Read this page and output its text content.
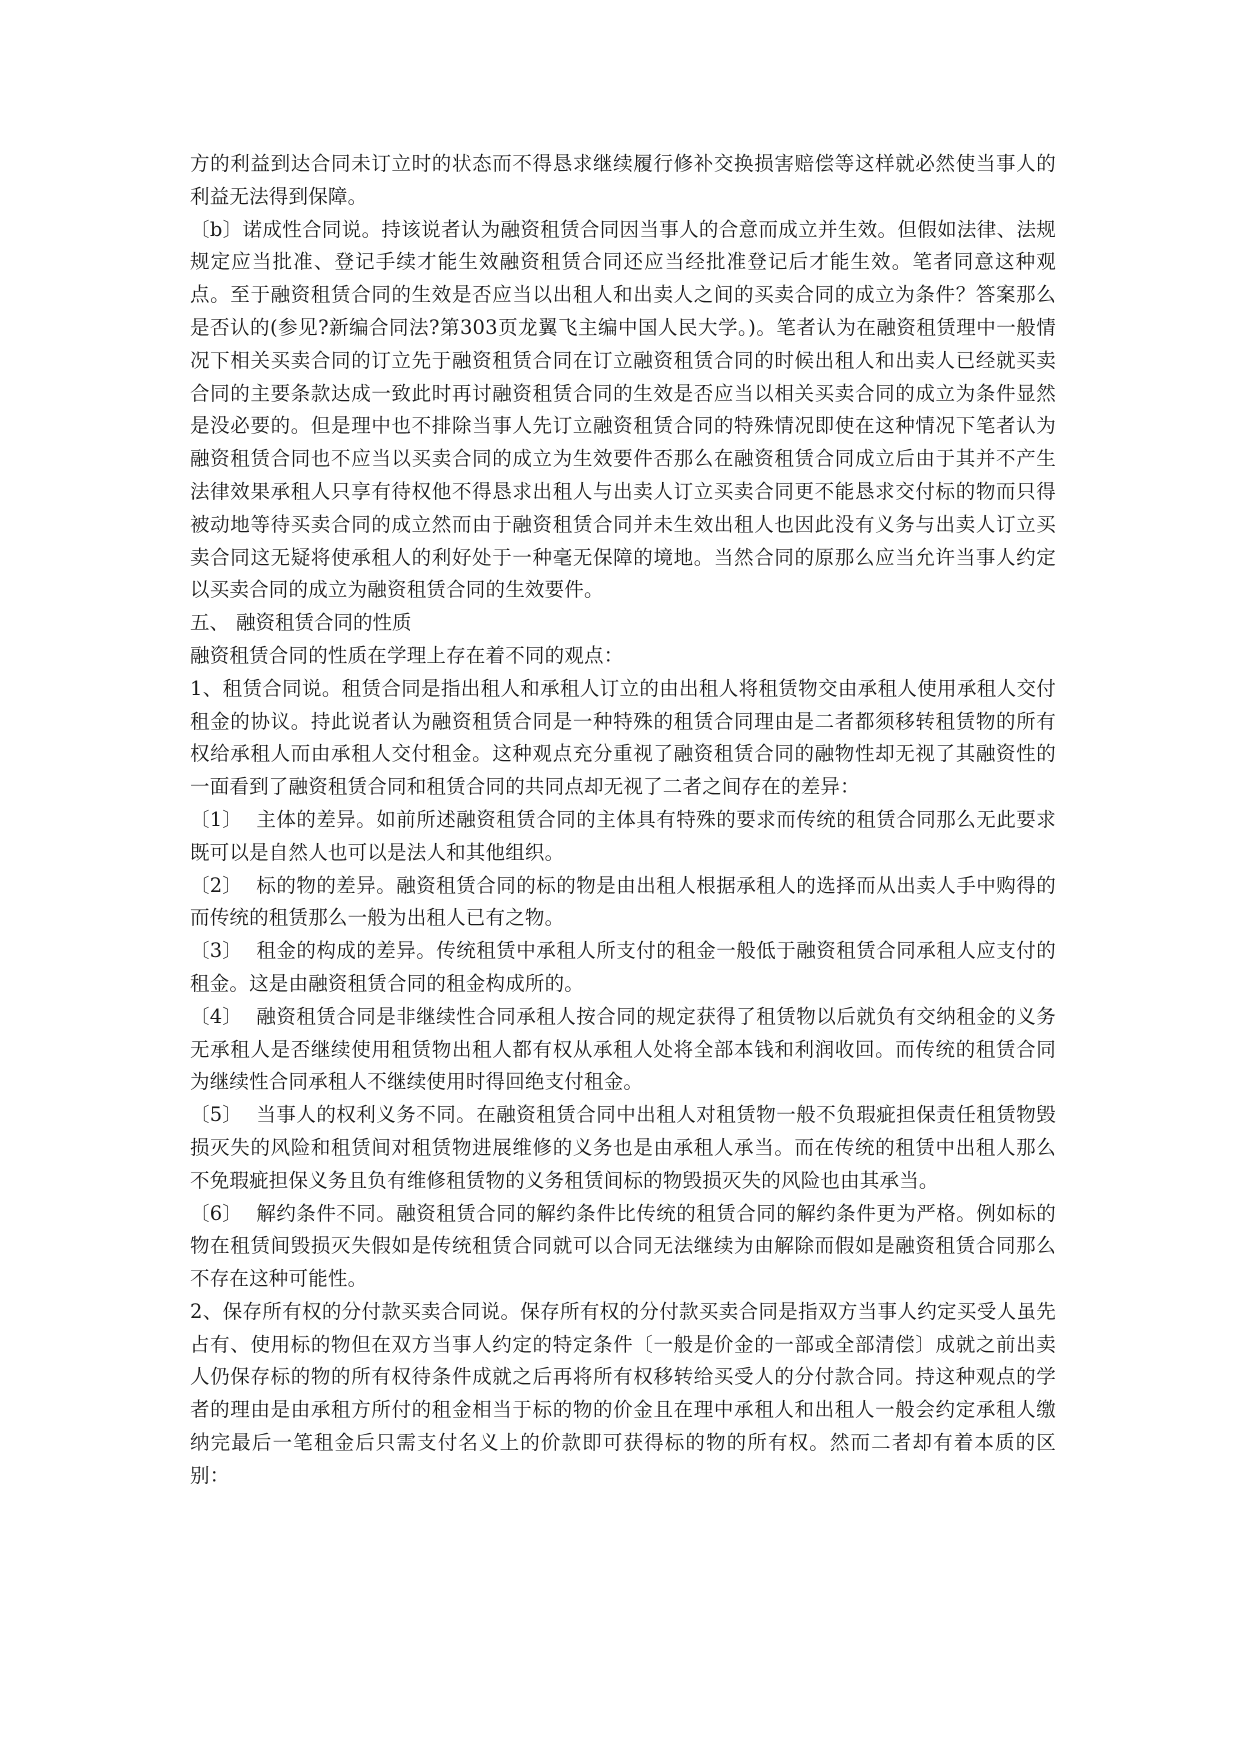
方的利益到达合同未订立时的状态而不得恳求继续履行修补交换损害赔偿等这样就必然使当事人的利益无法得到保障。

〔b〕诺成性合同说。持该说者认为融资租赁合同因当事人的合意而成立并生效。但假如法律、法规规定应当批准、登记手续才能生效融资租赁合同还应当经批准登记后才能生效。笔者同意这种观点。至于融资租赁合同的生效是否应当以出租人和出卖人之间的买卖合同的成立为条件？答案那么是否认的(参见?新编合同法?第303页龙翼飞主编中国人民大学。)。笔者认为在融资租赁理中一般情况下相关买卖合同的订立先于融资租赁合同在订立融资租赁合同的时候出租人和出卖人已经就买卖合同的主要条款达成一致此时再讨融资租赁合同的生效是否应当以相关买卖合同的成立为条件显然是没必要的。但是理中也不排除当事人先订立融资租赁合同的特殊情况即使在这种情况下笔者认为融资租赁合同也不应当以买卖合同的成立为生效要件否那么在融资租赁合同成立后由于其并不产生法律效果承租人只享有待权他不得恳求出租人与出卖人订立买卖合同更不能恳求交付标的物而只得被动地等待买卖合同的成立然而由于融资租赁合同并未生效出租人也因此没有义务与出卖人订立买卖合同这无疑将使承租人的利好处于一种毫无保障的境地。当然合同的原那么应当允许当事人约定以买卖合同的成立为融资租赁合同的生效要件。

五、 融资租赁合同的性质

融资租赁合同的性质在学理上存在着不同的观点：

1、租赁合同说。租赁合同是指出租人和承租人订立的由出租人将租赁物交由承租人使用承租人交付租金的协议。持此说者认为融资租赁合同是一种特殊的租赁合同理由是二者都须移转租赁物的所有权给承租人而由承租人交付租金。这种观点充分重视了融资租赁合同的融物性却无视了其融资性的一面看到了融资租赁合同和租赁合同的共同点却无视了二者之间存在的差异：

〔1〕 主体的差异。如前所述融资租赁合同的主体具有特殊的要求而传统的租赁合同那么无此要求既可以是自然人也可以是法人和其他组织。

〔2〕 标的物的差异。融资租赁合同的标的物是由出租人根据承租人的选择而从出卖人手中购得的而传统的租赁那么一般为出租人已有之物。

〔3〕 租金的构成的差异。传统租赁中承租人所支付的租金一般低于融资租赁合同承租人应支付的租金。这是由融资租赁合同的租金构成所的。

〔4〕 融资租赁合同是非继续性合同承租人按合同的规定获得了租赁物以后就负有交纳租金的义务无承租人是否继续使用租赁物出租人都有权从承租人处将全部本钱和利润收回。而传统的租赁合同为继续性合同承租人不继续使用时得回绝支付租金。

〔5〕 当事人的权利义务不同。在融资租赁合同中出租人对租赁物一般不负瑕疵担保责任租赁物毁损灭失的风险和租赁间对租赁物进展维修的义务也是由承租人承当。而在传统的租赁中出租人那么不免瑕疵担保义务且负有维修租赁物的义务租赁间标的物毁损灭失的风险也由其承当。

〔6〕 解约条件不同。融资租赁合同的解约条件比传统的租赁合同的解约条件更为严格。例如标的物在租赁间毁损灭失假如是传统租赁合同就可以合同无法继续为由解除而假如是融资租赁合同那么不存在这种可能性。

2、保存所有权的分付款买卖合同说。保存所有权的分付款买卖合同是指双方当事人约定买受人虽先占有、使用标的物但在双方当事人约定的特定条件〔一般是价金的一部或全部清偿〕成就之前出卖人仍保存标的物的所有权待条件成就之后再将所有权移转给买受人的分付款合同。持这种观点的学者的理由是由承租方所付的租金相当于标的物的价金且在理中承租人和出租人一般会约定承租人缴纳完最后一笔租金后只需支付名义上的价款即可获得标的物的所有权。然而二者却有着本质的区别：
